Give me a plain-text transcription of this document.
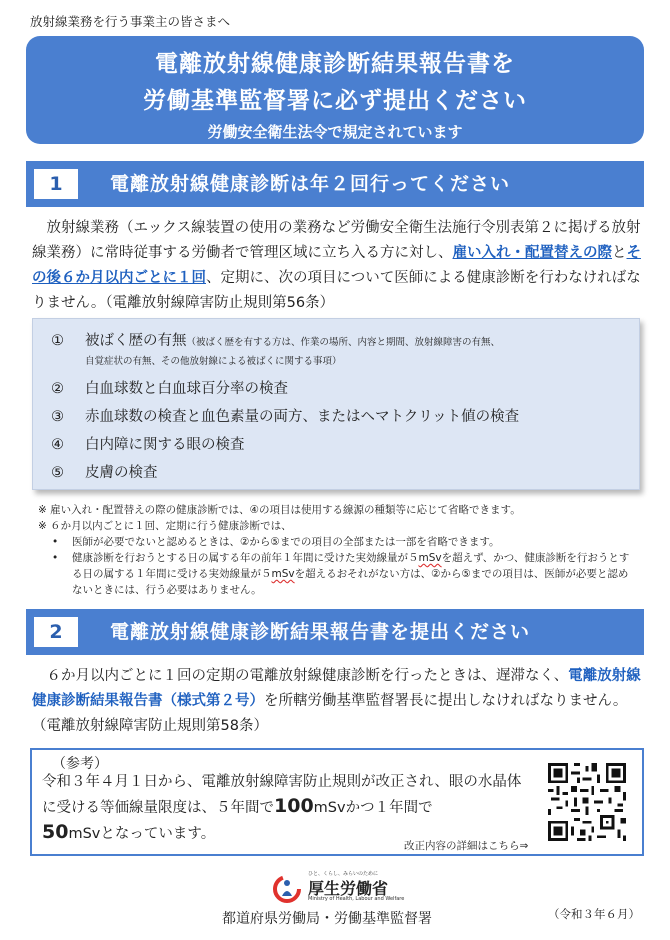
放射線業務を行う事業主の皆さまへ
電離放射線健康診断結果報告書を
労働基準監督署に必ず提出ください
労働安全衛生法令で規定されています
1	電離放射線健康診断は年２回行ってください
　放射線業務（エックス線装置の使用の業務など労働安全衛生法施行令別表第２に掲げる放射線業務）に常時従事する労働者で管理区域に立ち入る方に対し、雇い入れ・配置替えの際とその後６か月以内ごとに１回、定期に、次の項目について医師による健康診断を行わなければなりません。（電離放射線障害防止規則第56条）
① 被ばく歴の有無（被ばく歴を有する方は、作業の場所、内容と期間、放射線障害の有無、
自覚症状の有無、その他放射線による被ばくに関する事項）
② 白血球数と白血球百分率の検査
③ 赤血球数の検査と血色素量の両方、またはヘマトクリット値の検査
④ 白内障に関する眼の検査
⑤ 皮膚の検査
※ 雇い入れ・配置替えの際の健康診断では、④の項目は使用する線源の種類等に応じて省略できます。
※ ６か月以内ごとに１回、定期に行う健康診断では、
• 医師が必要でないと認めるときは、②から⑤までの項目の全部または一部を省略できます。
• 健康診断を行おうとする日の属する年の前年１年間に受けた実効線量が５mSvを超えず、かつ、健康診断を行おうとする日の属する１年間に受ける実効線量が５mSvを超えるおそれがない方は、②から⑤までの項目は、医師が必要と認めないときには、行う必要はありません。
2	電離放射線健康診断結果報告書を提出ください
　６か月以内ごとに１回の定期の電離放射線健康診断を行ったときは、遅滞なく、電離放射線健康診断結果報告書（様式第２号）を所轄労働基準監督署長に提出しなければなりません。（電離放射線障害防止規則第58条）
（参考）
令和３年４月１日から、電離放射線障害防止規則が改正され、眼の水晶体に受ける等価線量限度は、５年間で100mSvかつ１年間で
50mSvとなっています。
改正内容の詳細はこちら⇒
ひと、くらし、みらいのために
厚生労働省
Ministry of Health, Labour and Welfare
都道府県労働局・労働基準監督署	（令和３年６月）
